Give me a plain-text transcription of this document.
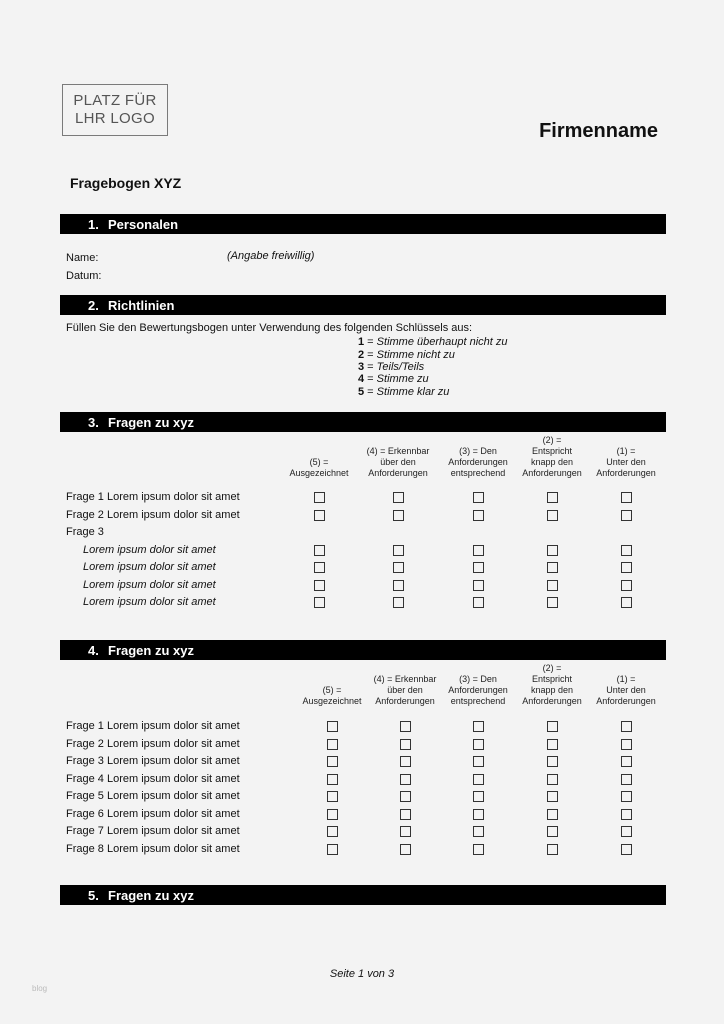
PLATZ FÜR
LHR LOGO
Firmenname
Fragebogen XYZ
1. Personalen
Name:	(Angabe freiwillig)
Datum:
2. Richtlinien
Füllen Sie den Bewertungsbogen unter Verwendung des folgenden Schlüssels aus:
3. Fragen zu xyz
4. Fragen zu xyz
5. Fragen zu xyz
Seite 1 von 3
blog
1 = Stimme überhaupt nicht zu
2 = Stimme nicht zu
3 = Teils/Teils
4 = Stimme zu
5 = Stimme klar zu
(5) =
Ausgezeichnet
(4) = Erkennbar
über den
Anforderungen
(3) = Den
Anforderungen
entsprechend
(2) =
Entspricht
knapp den
Anforderungen
(1) =
Unter den
Anforderungen
Frage 1 Lorem ipsum dolor sit amet
Frage 2 Lorem ipsum dolor sit amet
Frage 3
Lorem ipsum dolor sit amet
Lorem ipsum dolor sit amet
Lorem ipsum dolor sit amet
Lorem ipsum dolor sit amet
(5) =
Ausgezeichnet
(4) = Erkennbar
über den
Anforderungen
(3) = Den
Anforderungen
entsprechend
(2) =
Entspricht
knapp den
Anforderungen
(1) =
Unter den
Anforderungen
Frage 1 Lorem ipsum dolor sit amet
Frage 2 Lorem ipsum dolor sit amet
Frage 3 Lorem ipsum dolor sit amet
Frage 4 Lorem ipsum dolor sit amet
Frage 5 Lorem ipsum dolor sit amet
Frage 6 Lorem ipsum dolor sit amet
Frage 7 Lorem ipsum dolor sit amet
Frage 8 Lorem ipsum dolor sit amet
